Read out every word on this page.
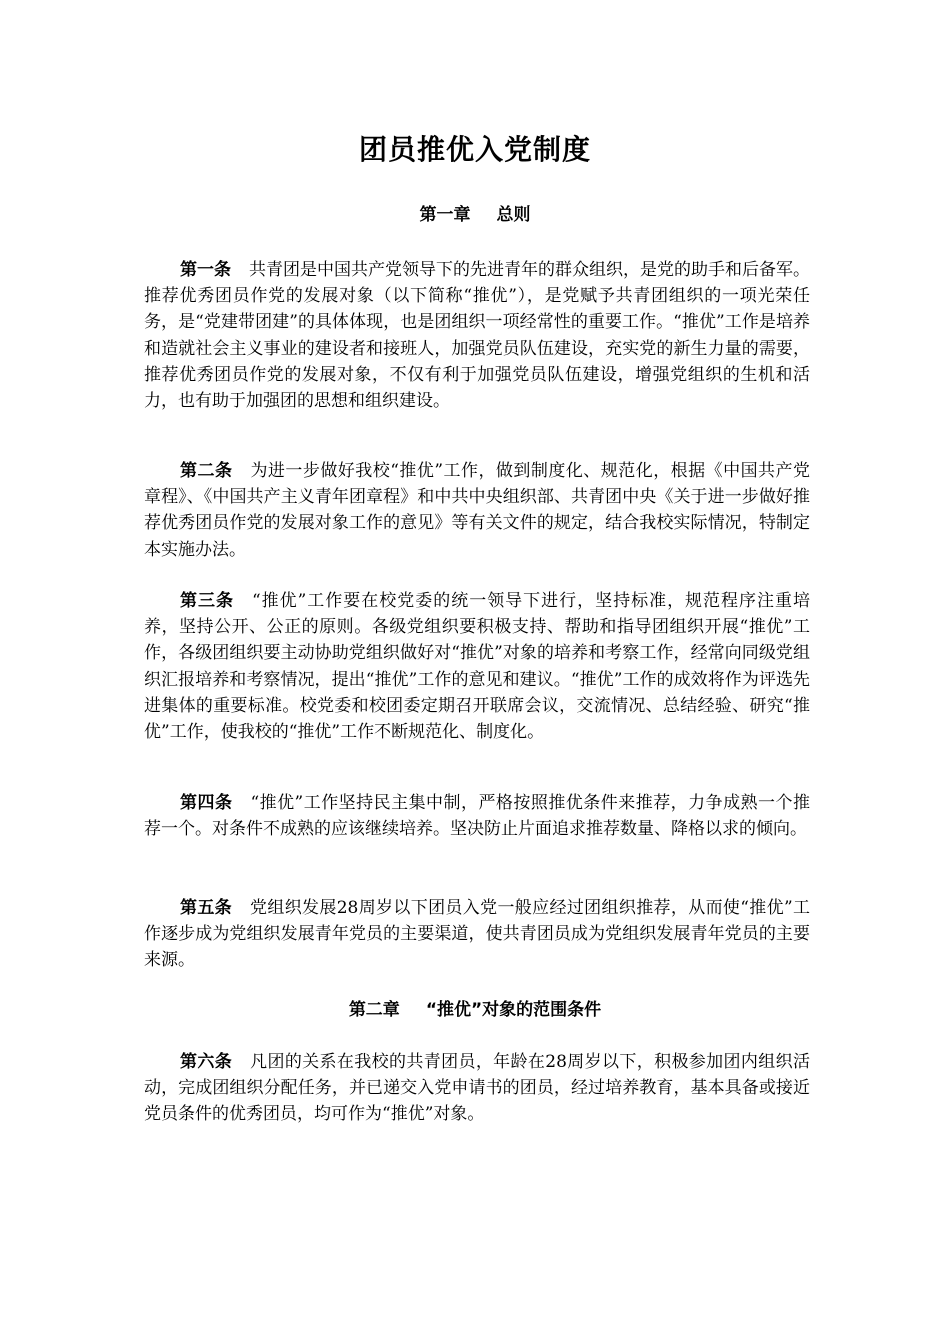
团员推优入党制度
第一章 总则

第一条 共青团是中国共产党领导下的先进青年的群众组织，是党的助手和后备军。推荐优秀团员作党的发展对象（以下简称“推优”），是党赋予共青团组织的一项光荣任务，是“党建带团建”的具体体现，也是团组织一项经常性的重要工作。“推优”工作是培养和造就社会主义事业的建设者和接班人，加强党员队伍建设，充实党的新生力量的需要，推荐优秀团员作党的发展对象，不仅有利于加强党员队伍建设，增强党组织的生机和活力，也有助于加强团的思想和组织建设。

第二条 为进一步做好我校“推优”工作，做到制度化、规范化，根据《中国共产党章程》、《中国共产主义青年团章程》和中共中央组织部、共青团中央《关于进一步做好推荐优秀团员作党的发展对象工作的意见》等有关文件的规定，结合我校实际情况，特制定本实施办法。

第三条 “推优”工作要在校党委的统一领导下进行，坚持标准，规范程序注重培养，坚持公开、公正的原则。各级党组织要积极支持、帮助和指导团组织开展“推优”工作，各级团组织要主动协助党组织做好对“推优”对象的培养和考察工作，经常向同级党组织汇报培养和考察情况，提出“推优”工作的意见和建议。“推优”工作的成效将作为评选先进集体的重要标准。校党委和校团委定期召开联席会议，交流情况、总结经验、研究“推优”工作，使我校的“推优”工作不断规范化、制度化。

第四条 “推优”工作坚持民主集中制，严格按照推优条件来推荐，力争成熟一个推荐一个。对条件不成熟的应该继续培养。坚决防止片面追求推荐数量、降格以求的倾向。

第五条 党组织发展28周岁以下团员入党一般应经过团组织推荐，从而使“推优”工作逐步成为党组织发展青年党员的主要渠道，使共青团员成为党组织发展青年党员的主要来源。

第二章 “推优”对象的范围条件

第六条 凡团的关系在我校的共青团员，年龄在28周岁以下，积极参加团内组织活动，完成团组织分配任务，并已递交入党申请书的团员，经过培养教育，基本具备或接近党员条件的优秀团员，均可作为“推优”对象。
